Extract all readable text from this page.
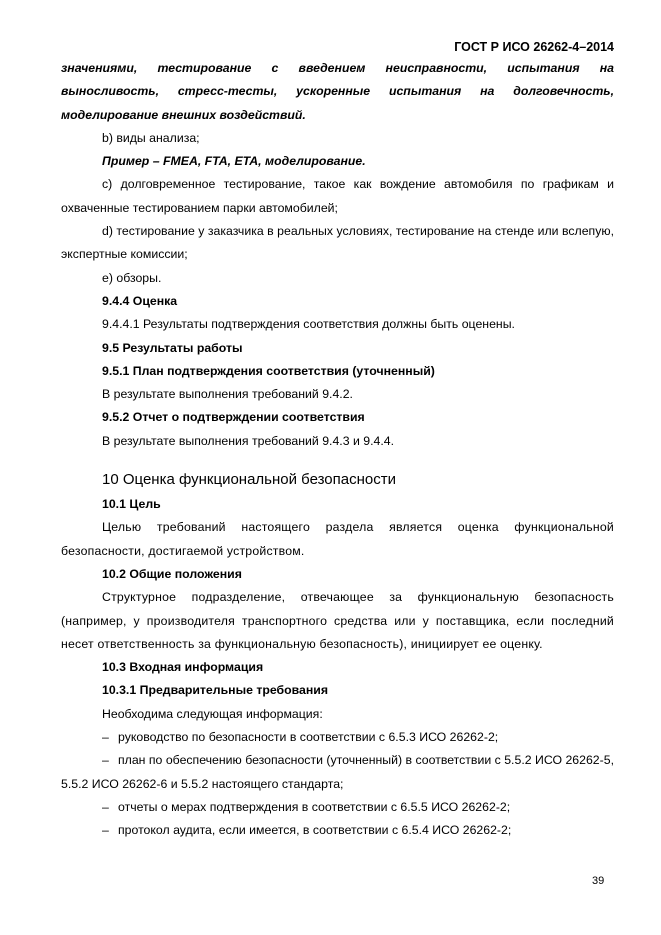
ГОСТ Р ИСО 26262-4–2014

значениями, тестирование с введением неисправности, испытания на выносливость, стресс-тесты, ускоренные испытания на долговечность, моделирование внешних воздействий.

b) виды анализа;

Пример – FMEA, FTA, ETA, моделирование.

c) долговременное тестирование, такое как вождение автомобиля по графикам и охваченные тестированием парки автомобилей;

d) тестирование у заказчика в реальных условиях, тестирование на стенде или вслепую, экспертные комиссии;

e) обзоры.

9.4.4 Оценка

9.4.4.1 Результаты подтверждения соответствия должны быть оценены.

9.5 Результаты работы

9.5.1 План подтверждения соответствия (уточненный)

В результате выполнения требований 9.4.2.

9.5.2 Отчет о подтверждении соответствия

В результате выполнения требований 9.4.3 и 9.4.4.

10 Оценка функциональной безопасности

10.1 Цель

Целью требований настоящего раздела является оценка функциональной безопасности, достигаемой устройством.

10.2 Общие положения

Структурное подразделение, отвечающее за функциональную безопасность (например, у производителя транспортного средства или у поставщика, если последний несет ответственность за функциональную безопасность), инициирует ее оценку.

10.3 Входная информация

10.3.1 Предварительные требования

Необходима следующая информация:

– руководство по безопасности в соответствии с 6.5.3 ИСО 26262-2;

– план по обеспечению безопасности (уточненный) в соответствии с 5.5.2 ИСО 26262-5, 5.5.2 ИСО 26262-6 и 5.5.2 настоящего стандарта;

– отчеты о мерах подтверждения в соответствии с 6.5.5 ИСО 26262-2;

– протокол аудита, если имеется, в соответствии с 6.5.4 ИСО 26262-2;

39
